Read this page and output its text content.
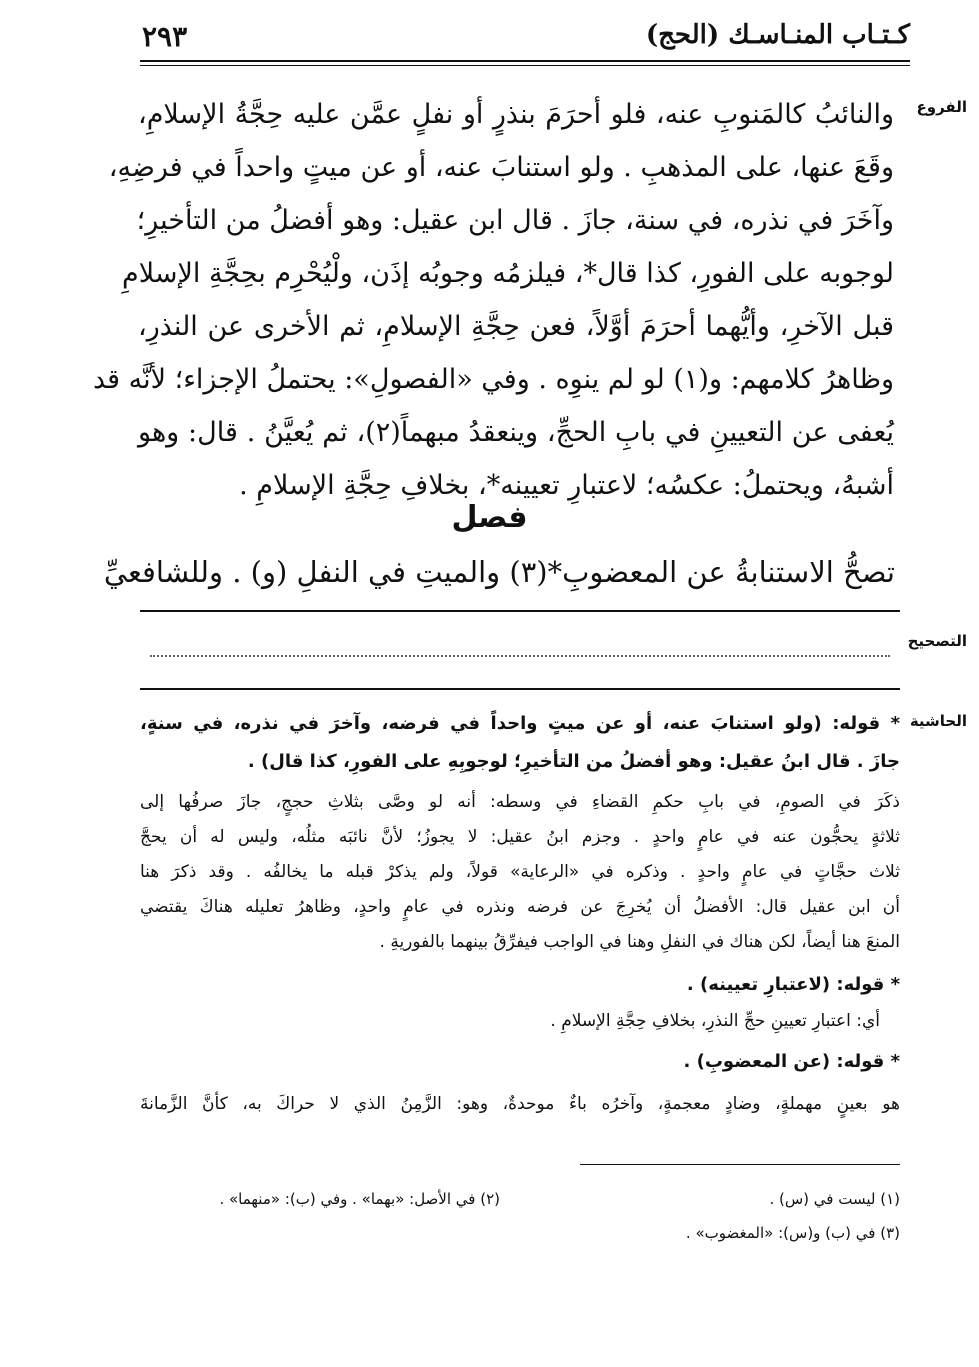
٢٩٣	كـتـاب المنـاسـك (الحج)
الفروع
والنائبُ كالمَنوبِ عنه، فلو أحرَمَ بنذرٍ أو نفلٍ عمَّن عليه حِجَّةُ الإسلامِ،
وقَعَ عنها، على المذهبِ . ولو استنابَ عنه، أو عن ميتٍ واحداً في فرضِهِ،
وآخَرَ في نذره، في سنة، جازَ . قال ابن عقيل: وهو أفضلُ من التأخيرِ؛
لوجوبه على الفورِ، كذا قال*، فيلزمُه وجوبُه إذَن، ولْيُحْرِم بحِجَّةِ الإسلامِ
قبل الآخرِ، وأيُّهما أحرَمَ أوَّلاً، فعن حِجَّةِ الإسلامِ، ثم الأخرى عن النذرِ،
وظاهرُ كلامهم: و(١) لو لم ينوِه . وفي «الفصولِ»: يحتملُ الإجزاء؛ لأنَّه قد
يُعفى عن التعيينِ في بابِ الحجِّ، وينعقدُ مبهماً(٢)، ثم يُعيَّنُ . قال: وهو
أشبهُ، ويحتملُ: عكسُه؛ لاعتبارِ تعيينه*، بخلافِ حِجَّةِ الإسلامِ .
فصل
تصحُّ الاستنابةُ عن المعضوبِ*(٣) والميتِ في النفلِ (و) . وللشافعيِّ
التصحيح
الحاشية
* قوله: (ولو استنابَ عنه، أو عن ميتٍ واحداً في فرضه، وآخرَ في نذره، في سنةٍ،
جازَ . قال ابنُ عقيل: وهو أفضلُ من التأخيرِ؛ لوجوبِهِ على الفورِ، كذا قال) .
ذكَرَ في الصومِ، في بابِ حكمِ القضاءِ في وسطه: أنه لو وصَّى بثلاثِ حججٍ، جازَ صرفُها إلى
ثلاثةٍ يحجُّون عنه في عامٍ واحدٍ . وجزم ابنُ عقيل: لا يجوزُ؛ لأنَّ نائبَه مثلُه، وليس له أن يحجَّ
ثلاث حجَّاتٍ في عامٍ واحدٍ . وذكره في «الرعاية» قولاً، ولم يذكرْ قبله ما يخالفُه . وقد ذكرَ هنا
أن ابن عقيل قال: الأفضلُ أن يُخرِجَ عن فرضه ونذره في عامٍ واحدٍ، وظاهرُ تعليله هناكَ يقتضي
المنعَ هنا أيضاً، لكن هناك في النفلِ وهنا في الواجب فيفرِّقُ بينهما بالفوريةِ .
* قوله: (لاعتبارِ تعيينه) .
أي: اعتبارِ تعيينِ حجِّ النذرِ، بخلافِ حِجَّةِ الإسلامِ .
* قوله: (عن المعضوبِ) .
هو بعينٍ مهملةٍ، وضادٍ معجمةٍ، وآخرُه باءٌ موحدةٌ، وهو: الزَّمِنُ الذي لا حراكَ به، كأنَّ الزَّمانةَ
(١) ليست في (س) .
(٢) في الأصل: «بهما» . وفي (ب): «منهما» .
(٣) في (ب) و(س): «المغضوب» .
